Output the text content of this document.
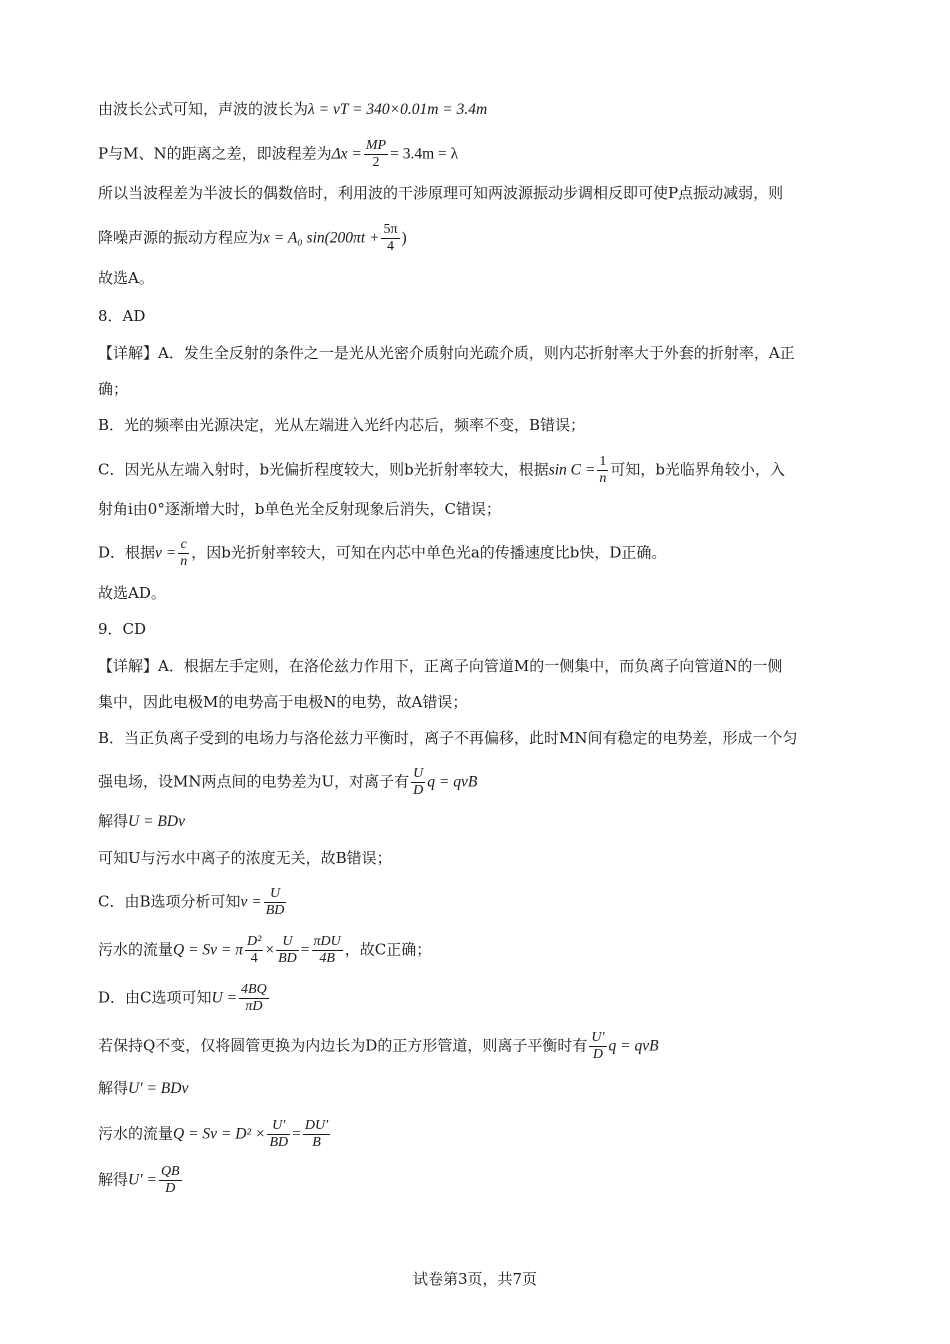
由波长公式可知，声波的波长为λ = vT = 340×0.01m = 3.4m
P与M、N的距离之差，即波程差为$\Delta x = \frac{MP}{2} = 3.4m = \lambda$
所以当波程差为半波长的偶数倍时，利用波的干涉原理可知两波源振动步调相反即可使P点振动减弱，则
降噪声源的振动方程应为x = A₀ $\sin(200\pi t + \frac{5\pi}{4}$ )
故选A。
8．AD
【详解】A．发生全反射的条件之一是光从光密介质射向光疏介质，则内芯折射率大于外套的折射率，A正
确；
B．光的频率由光源决定，光从左端进入光纤内芯后，频率不变，B错误；
C．因光从左端入射时，b光偏折程度较大，则b光折射率较大，根据$\sin C = \frac{1}{n}$ 可知，b光临界角较小，入
射角i由0°逐渐增大时，b单色光全反射现象后消失，C错误；
D．根据$v = \frac{c}{n}$ ，因b光折射率较大，可知在内芯中单色光a的传播速度比b快，D正确。
故选AD。
9．CD
【详解】A．根据左手定则，在洛伦兹力作用下，正离子向管道M的一侧集中，而负离子向管道N的一侧
集中，因此电极M的电势高于电极N的电势，故A错误；
B．当正负离子受到的电场力与洛伦兹力平衡时，离子不再偏移，此时MN间有稳定的电势差，形成一个匀
强电场，设MN两点间的电势差为U，对离子有 $\frac{U}{D}$ q = qvB
解得U = BDv
可知U与污水中离子的浓度无关，故B错误；
C．由B选项分析可知$v = \frac{U}{BD}$
污水的流量Q = Sv = π $\frac{\text{D²}}{4} \times \frac{U}{BD} = \frac{\text{πDU}}{4B}$ ，故C正确；
D．由C选项可知$U = \frac{4BQ}{\pi D}$
若保持Q不变，仅将圆管更换为内边长为D的正方形管道，则离子平衡时有 $\frac{U'}{D}$ q = qvB
解得U′ = BDv
污水的流量$Q = Sv = D^2 \times \frac{U'}{BD} = \frac{DU'}{B}$
解得$U' = \frac{QB}{D}$
试卷第3页，共7页
